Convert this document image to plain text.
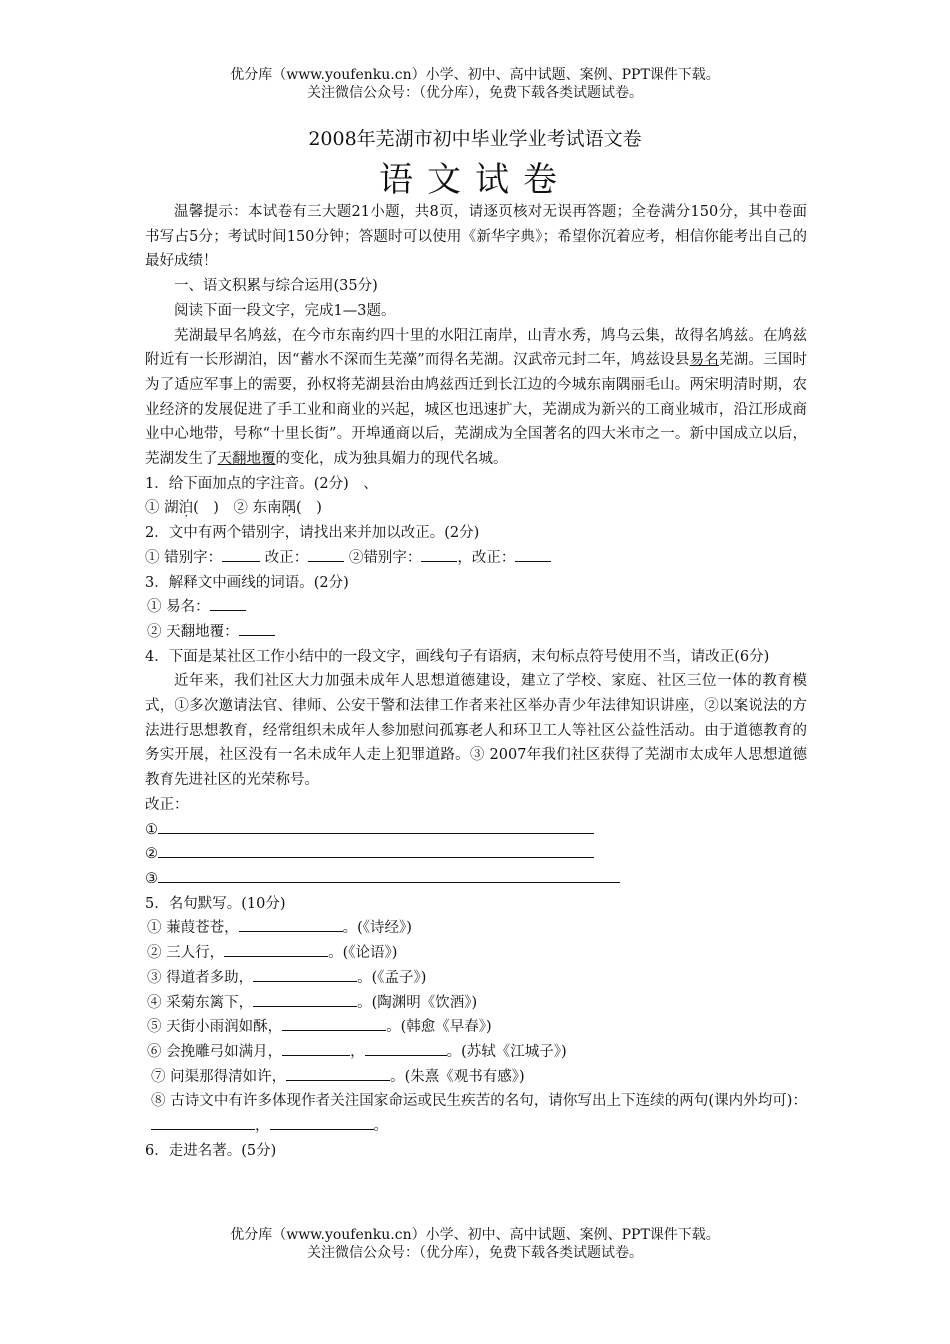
优分库（www.youfenku.cn）小学、初中、高中试题、案例、PPT课件下载。
关注微信公众号：（优分库），免费下载各类试题试卷。
2008年芜湖市初中毕业学业考试语文卷
语文试卷

温馨提示：本试卷有三大题21小题，共8页，请逐页核对无误再答题；全卷满分150分，其中卷面书写占5分；考试时间150分钟；答题时可以使用《新华字典》；希望你沉着应考，相信你能考出自己的最好成绩！

一、语文积累与综合运用(35分)

阅读下面一段文字，完成1—3题。

芜湖最早名鸠兹，在今市东南约四十里的水阳江南岸，山青水秀，鸠乌云集，故得名鸠兹。在鸠兹附近有一长形湖泊，因“蓄水不深而生芜藻”而得名芜湖。汉武帝元封二年，鸠兹设县易名芜湖。三国时为了适应军事上的需要，孙权将芜湖县治由鸠兹西迁到长江边的今城东南隅丽毛山。两宋明清时期，农业经济的发展促进了手工业和商业的兴起，城区也迅速扩大，芜湖成为新兴的工商业城市，沿江形成商业中心地带，号称“十里长街”。开埠通商以后，芜湖成为全国著名的四大米市之一。新中国成立以后，芜湖发生了天翻地覆的变化，成为独具媚力的现代名城。

1．给下面加点的字注音。(2分)　、

① 湖泊(　)　② 东南隅(　)

2．文中有两个错别字，请找出来并加以改正。(2分)

① 错别字：	改正： ②错别字： ，改正：

3．解释文中画线的词语。(2分)

① 易名：

② 天翻地覆：

4．下面是某社区工作小结中的一段文字，画线句子有语病，末句标点符号使用不当，请改正(6分)

近年来，我们社区大力加强未成年人思想道德建设，建立了学校、家庭、社区三位一体的教育模式，①多次邀请法官、律师、公安干警和法律工作者来社区举办青少年法律知识讲座，②以案说法的方法进行思想教育，经常组织未成年人参加慰问孤寡老人和环卫工人等社区公益性活动。由于道德教育的务实开展，社区没有一名未成年人走上犯罪道路。③ 2007年我们社区获得了芜湖市太成年人思想道德教育先进社区的光荣称号。

改正：

①

②

③

5．名句默写。(10分)

① 蒹葭苍苍，	。(《诗经》)

② 三人行，	。(《论语》)

③ 得道者多助，	。(《孟子》)

④ 采菊东篱下，	。(陶渊明《饮酒》)

⑤ 天街小雨润如酥，	。(韩愈《早春》)

⑥ 会挽雕弓如满月，	，	。(苏轼《江城子》)

⑦ 问渠那得清如许，	。(朱熹《观书有感》)

⑧ 古诗文中有许多体现作者关注国家命运或民生疾苦的名句，请你写出上下连续的两句(课内外均可)：，	。

6．走进名著。(5分)

优分库（www.youfenku.cn）小学、初中、高中试题、案例、PPT课件下载。
关注微信公众号：（优分库），免费下载各类试题试卷。
